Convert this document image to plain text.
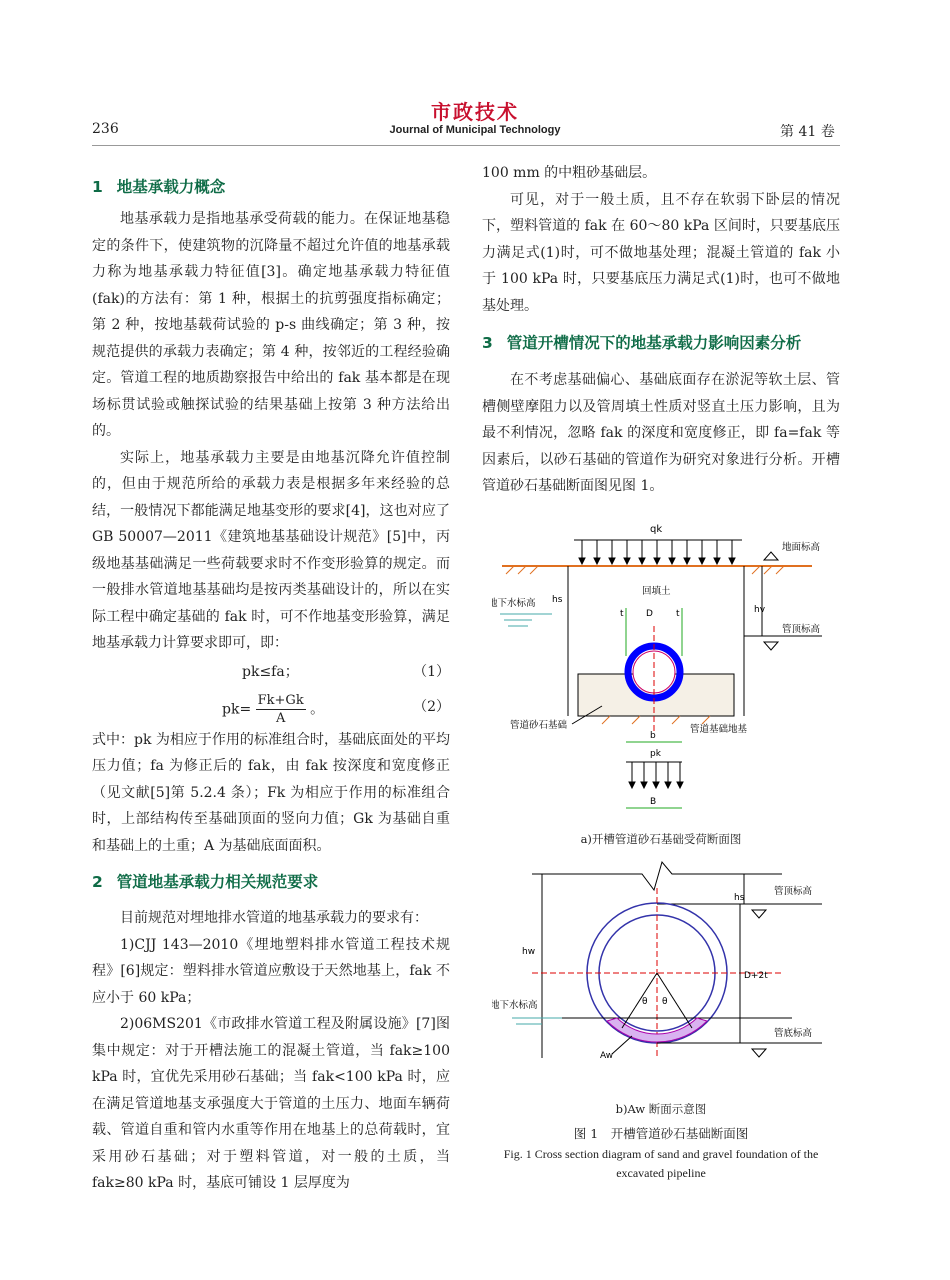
市政技术
Journal of Municipal Technology
236	第 41 卷
1 地基承载力概念

地基承载力是指地基承受荷载的能力。在保证地基稳定的条件下，使建筑物的沉降量不超过允许值的地基承载力称为地基承载力特征值[3]。确定地基承载力特征值(fak)的方法有：第 1 种，根据土的抗剪强度指标确定；第 2 种，按地基载荷试验的 p-s 曲线确定；第 3 种，按规范提供的承载力表确定；第 4 种，按邻近的工程经验确定。管道工程的地质勘察报告中给出的 fak 基本都是在现场标贯试验或触探试验的结果基础上按第 3 种方法给出的。

实际上，地基承载力主要是由地基沉降允许值控制的，但由于规范所给的承载力表是根据多年来经验的总结，一般情况下都能满足地基变形的要求[4]，这也对应了 GB 50007—2011《建筑地基基础设计规范》[5]中，丙级地基基础满足一些荷载要求时不作变形验算的规定。而一般排水管道地基基础均是按丙类基础设计的，所以在实际工程中确定基础的 fak 时，可不作地基变形验算，满足地基承载力计算要求即可，即：

pk≤fa；	（1）
$pk= \frac{Fk+Gk}{A}$ 。	（2）

式中：pk 为相应于作用的标准组合时，基础底面处的平均压力值；fa 为修正后的 fak，由 fak 按深度和宽度修正（见文献[5]第 5.2.4 条）；Fk 为相应于作用的标准组合时，上部结构传至基础顶面的竖向力值；Gk 为基础自重和基础上的土重；A 为基础底面面积。

2 管道地基承载力相关规范要求

目前规范对埋地排水管道的地基承载力的要求有：

1)CJJ 143—2010《埋地塑料排水管道工程技术规程》[6]规定：塑料排水管道应敷设于天然地基上，fak 不应小于 60 kPa；

2)06MS201《市政排水管道工程及附属设施》[7]图集中规定：对于开槽法施工的混凝土管道，当 fak≥100 kPa 时，宜优先采用砂石基础；当 fak<100 kPa 时，应在满足管道地基支承强度大于管道的土压力、地面车辆荷载、管道自重和管内水重等作用在地基上的总荷载时，宜采用砂石基础；对于塑料管道，对一般的土质，当 fak≥80 kPa 时，基底可铺设 1 层厚度为

100 mm 的中粗砂基础层。

可见，对于一般土质，且不存在软弱下卧层的情况下，塑料管道的 fak 在 60～80 kPa 区间时，只要基底压力满足式(1)时，可不做地基处理；混凝土管道的 fak 小于 100 kPa 时，只要基底压力满足式(1)时，也可不做地基处理。

3 管道开槽情况下的地基承载力影响因素分析

在不考虑基础偏心、基础底面存在淤泥等软土层、管槽侧壁摩阻力以及管周填土性质对竖直土压力影响，且为最不利情况，忽略 fak 的深度和宽度修正，即 fa=fak 等因素后，以砂石基础的管道作为研究对象进行分析。开槽管道砂石基础断面图见图 1。

qk
地面标高
回填土
地下水标高 hs
hv
管顶标高
t D	t
管道砂石基础	管道基础地基
b
pk
B
a)开槽管道砂石基础受荷断面图
hw
hs
管顶标高
地下水标高	θ θ
Aw
D+2t
管底标高
b)Aw 断面示意图
图 1　开槽管道砂石基础断面图
Fig. 1 Cross section diagram of sand and gravel foundation of the excavated pipeline
